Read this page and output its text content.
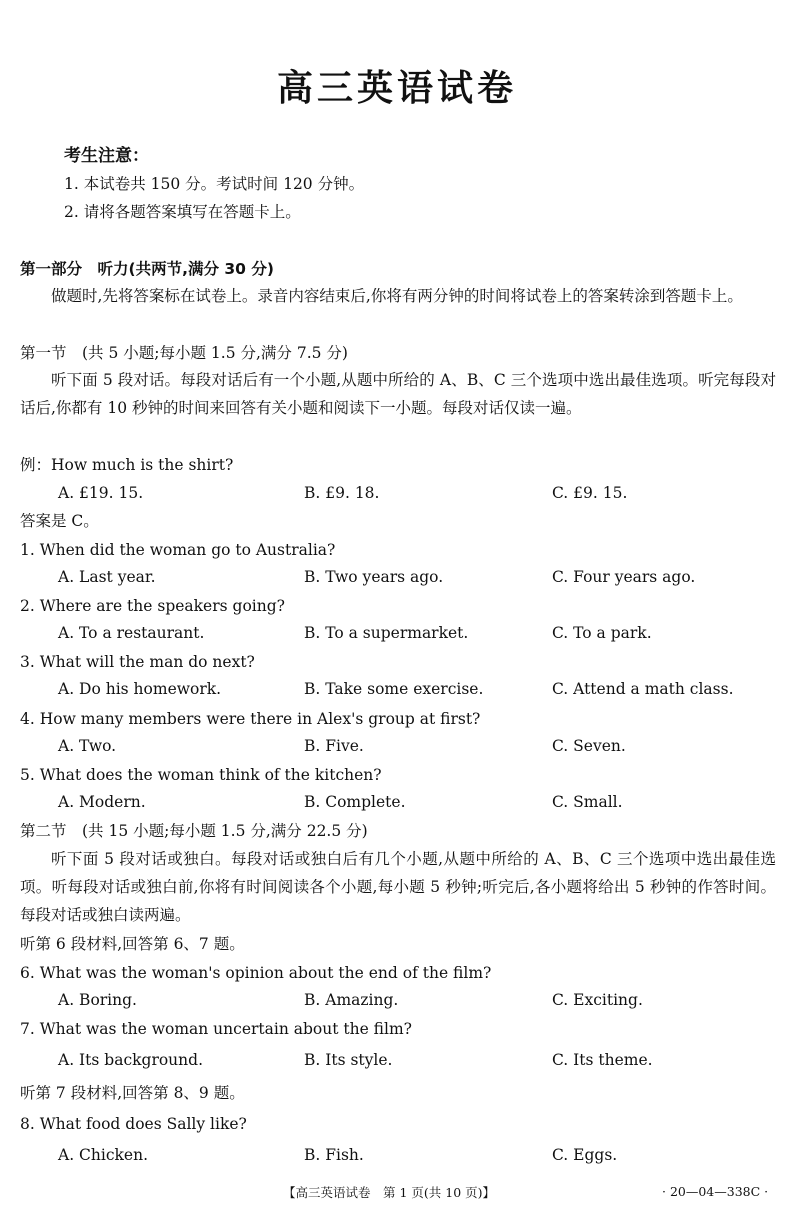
高三英语试卷
考生注意：
1. 本试卷共 150 分。考试时间 120 分钟。
2. 请将各题答案填写在答题卡上。
第一部分　听力(共两节,满分 30 分)
做题时,先将答案标在试卷上。录音内容结束后,你将有两分钟的时间将试卷上的答案转涂到答题卡上。
第一节　(共 5 小题;每小题 1.5 分,满分 7.5 分)
听下面 5 段对话。每段对话后有一个小题,从题中所给的 A、B、C 三个选项中选出最佳选项。听完每段对话后,你都有 10 秒钟的时间来回答有关小题和阅读下一小题。每段对话仅读一遍。
例：How much is the shirt?
A. £19. 15.	B. £9. 18.	C. £9. 15.
答案是 C。
1. When did the woman go to Australia?
A. Last year.	B. Two years ago.	C. Four years ago.
2. Where are the speakers going?
A. To a restaurant.	B. To a supermarket.	C. To a park.
3. What will the man do next?
A. Do his homework.	B. Take some exercise.	C. Attend a math class.
4. How many members were there in Alex's group at first?
A. Two.	B. Five.	C. Seven.
5. What does the woman think of the kitchen?
A. Modern.	B. Complete.	C. Small.
第二节　(共 15 小题;每小题 1.5 分,满分 22.5 分)
听下面 5 段对话或独白。每段对话或独白后有几个小题,从题中所给的 A、B、C 三个选项中选出最佳选项。听每段对话或独白前,你将有时间阅读各个小题,每小题 5 秒钟;听完后,各小题将给出 5 秒钟的作答时间。每段对话或独白读两遍。
听第 6 段材料,回答第 6、7 题。
6. What was the woman's opinion about the end of the film?
A. Boring.	B. Amazing.	C. Exciting.
7. What was the woman uncertain about the film?
A. Its background.	B. Its style.	C. Its theme.
听第 7 段材料,回答第 8、9 题。
8. What food does Sally like?
A. Chicken.	B. Fish.	C. Eggs.
【高三英语试卷　第 1 页(共 10 页)】	· 20—04—338C ·
